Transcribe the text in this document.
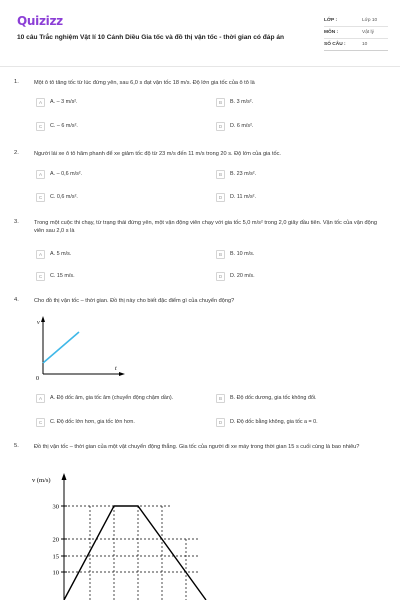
Quizizz
10 câu Trắc nghiệm Vật lí 10 Cánh Diều Gia tốc và đồ thị vận tốc - thời gian có đáp án
LỚP :	Lớp 10
MÔN :	Vật lý
SỐ CÂU :	10
1.	Một ô tô tăng tốc từ lúc đứng yên, sau 6,0 s đạt vận tốc 18 m/s. Độ lớn gia tốc của ô tô là
A	A. – 3 m/s².	B	B. 3 m/s².
C	C. – 6 m/s².	D	D. 6 m/s².
2.	Người lái xe ô tô hãm phanh để xe giảm tốc độ từ 23 m/s đến 11 m/s trong 20 s. Độ lớn của gia tốc.
A	A. – 0,6 m/s².	B	B. 23 m/s².
C	C. 0,6 m/s².	D	D. 11 m/s².
3.	Trong một cuộc thi chạy, từ trạng thái đứng yên, một vận động viên chạy với gia tốc 5,0 m/s² trong 2,0 giây đầu tiên. Vận tốc của vận động viên sau 2,0 s là
A	A. 5 m/s.	B	B. 10 m/s.
C	C. 15 m/s.	D	D. 20 m/s.
4.	Cho đồ thị vận tốc – thời gian. Đồ thị này cho biết đặc điểm gì của chuyển động?
A	A. Độ dốc âm, gia tốc âm (chuyển động chậm dần).	B	B. Độ dốc dương, gia tốc không đổi.
C	C. Độ dốc lớn hơn, gia tốc lớn hơn.	D	D. Độ dốc bằng không, gia tốc a = 0.
v
t
0
5.	Đồ thị vận tốc – thời gian của một vật chuyển động thẳng. Gia tốc của người đi xe máy trong thời gian 15 s cuối cùng là bao nhiêu?
v (m/s)
30
20
15
10
